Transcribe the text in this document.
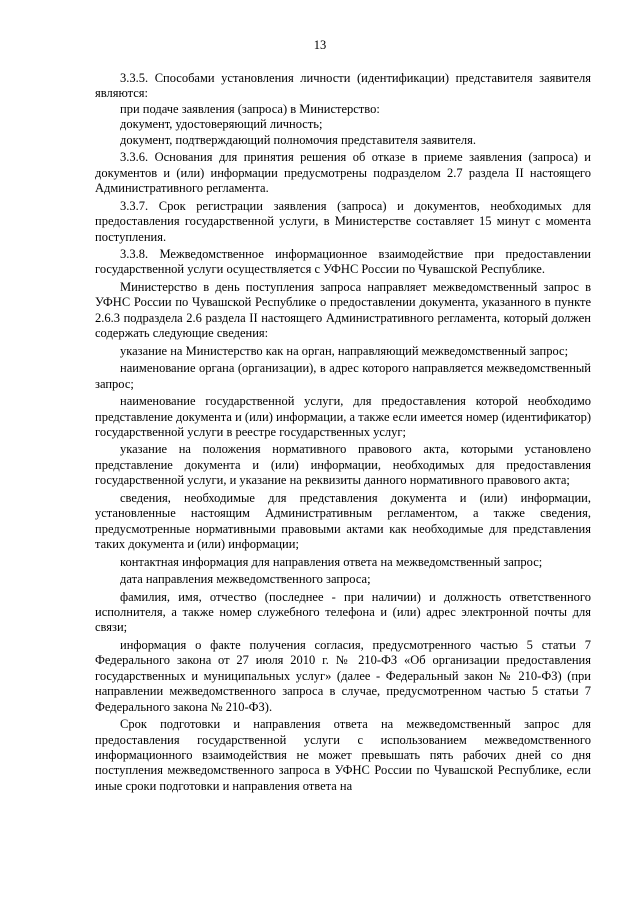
13

3.3.5. Способами установления личности (идентификации) представителя заявителя являются:

при подаче заявления (запроса) в Министерство:

документ, удостоверяющий личность;

документ, подтверждающий полномочия представителя заявителя.

3.3.6. Основания для принятия решения об отказе в приеме заявления (запроса) и документов и (или) информации предусмотрены подразделом 2.7 раздела II настоящего Административного регламента.

3.3.7. Срок регистрации заявления (запроса) и документов, необходимых для предоставления государственной услуги, в Министерстве составляет 15 минут с момента поступления.

3.3.8. Межведомственное информационное взаимодействие при предоставлении государственной услуги осуществляется с УФНС России по Чувашской Республике.

Министерство в день поступления запроса направляет межведомственный запрос в УФНС России по Чувашской Республике о предоставлении документа, указанного в пункте 2.6.3 подраздела 2.6 раздела II настоящего Административного регламента, который должен содержать следующие сведения:

указание на Министерство как на орган, направляющий межведомственный запрос;

наименование органа (организации), в адрес которого направляется межведомственный запрос;

наименование государственной услуги, для предоставления которой необходимо представление документа и (или) информации, а также если имеется номер (идентификатор) государственной услуги в реестре государственных услуг;

указание на положения нормативного правового акта, которыми установлено представление документа и (или) информации, необходимых для предоставления государственной услуги, и указание на реквизиты данного нормативного правового акта;

сведения, необходимые для представления документа и (или) информации, установленные настоящим Административным регламентом, а также сведения, предусмотренные нормативными правовыми актами как необходимые для представления таких документа и (или) информации;

контактная информация для направления ответа на межведомственный запрос;

дата направления межведомственного запроса;

фамилия, имя, отчество (последнее - при наличии) и должность ответственного исполнителя, а также номер служебного телефона и (или) адрес электронной почты для связи;

информация о факте получения согласия, предусмотренного частью 5 статьи 7 Федерального закона от 27 июля 2010 г. № 210-ФЗ «Об организации предоставления государственных и муниципальных услуг» (далее - Федеральный закон № 210-ФЗ) (при направлении межведомственного запроса в случае, предусмотренном частью 5 статьи 7 Федерального закона № 210-ФЗ).

Срок подготовки и направления ответа на межведомственный запрос для предоставления государственной услуги с использованием межведомственного информационного взаимодействия не может превышать пять рабочих дней со дня поступления межведомственного запроса в УФНС России по Чувашской Республике, если иные сроки подготовки и направления ответа на
